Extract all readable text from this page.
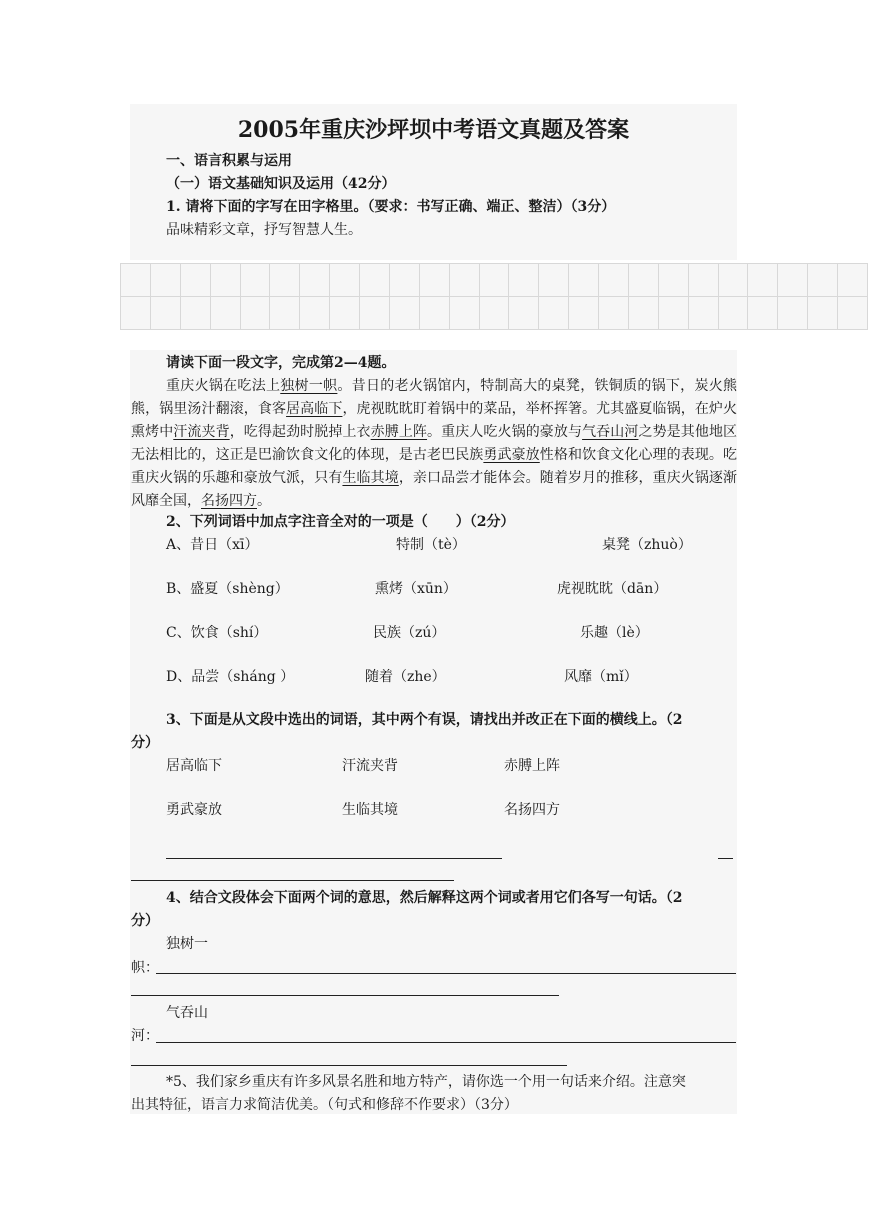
2005年重庆沙坪坝中考语文真题及答案
一、语言积累与运用
（一）语文基础知识及运用（42分）
1. 请将下面的字写在田字格里。（要求：书写正确、端正、整洁）（3分）
品味精彩文章，抒写智慧人生。
请读下面一段文字，完成第2—4题。
重庆火锅在吃法上独树一帜。昔日的老火锅馆内，特制高大的桌凳，铁铜质的锅下，炭火熊熊，锅里汤汁翻滚，食客居高临下，虎视眈眈盯着锅中的菜品，举杯挥箸。尤其盛夏临锅，在炉火熏烤中汗流夹背，吃得起劲时脱掉上衣赤膊上阵。重庆人吃火锅的豪放与气吞山河之势是其他地区无法相比的，这正是巴渝饮食文化的体现，是古老巴民族勇武豪放性格和饮食文化心理的表现。吃重庆火锅的乐趣和豪放气派，只有生临其境，亲口品尝才能体会。随着岁月的推移，重庆火锅逐渐风靡全国，名扬四方。
2、下列词语中加点字注音全对的一项是（　　）（2分）
A、昔日（xī）	特制（tè）	桌凳（zhuò）
B、盛夏（shèng）	熏烤（xūn）	虎视眈眈（dān）
C、饮食（shí）	民族（zú）	乐趣（lè）
D、品尝（sháng ）	随着（zhe）	风靡（mǐ）
3、下面是从文段中选出的词语，其中两个有误，请找出并改正在下面的横线上。（2
分）
居高临下	汗流夹背	赤膊上阵
勇武豪放	生临其境	名扬四方
4、结合文段体会下面两个词的意思，然后解释这两个词或者用它们各写一句话。（2
分）
独树一
帜：
气吞山
河：
*5、我们家乡重庆有许多风景名胜和地方特产，请你选一个用一句话来介绍。注意突
出其特征，语言力求简洁优美。（句式和修辞不作要求）（3分）
